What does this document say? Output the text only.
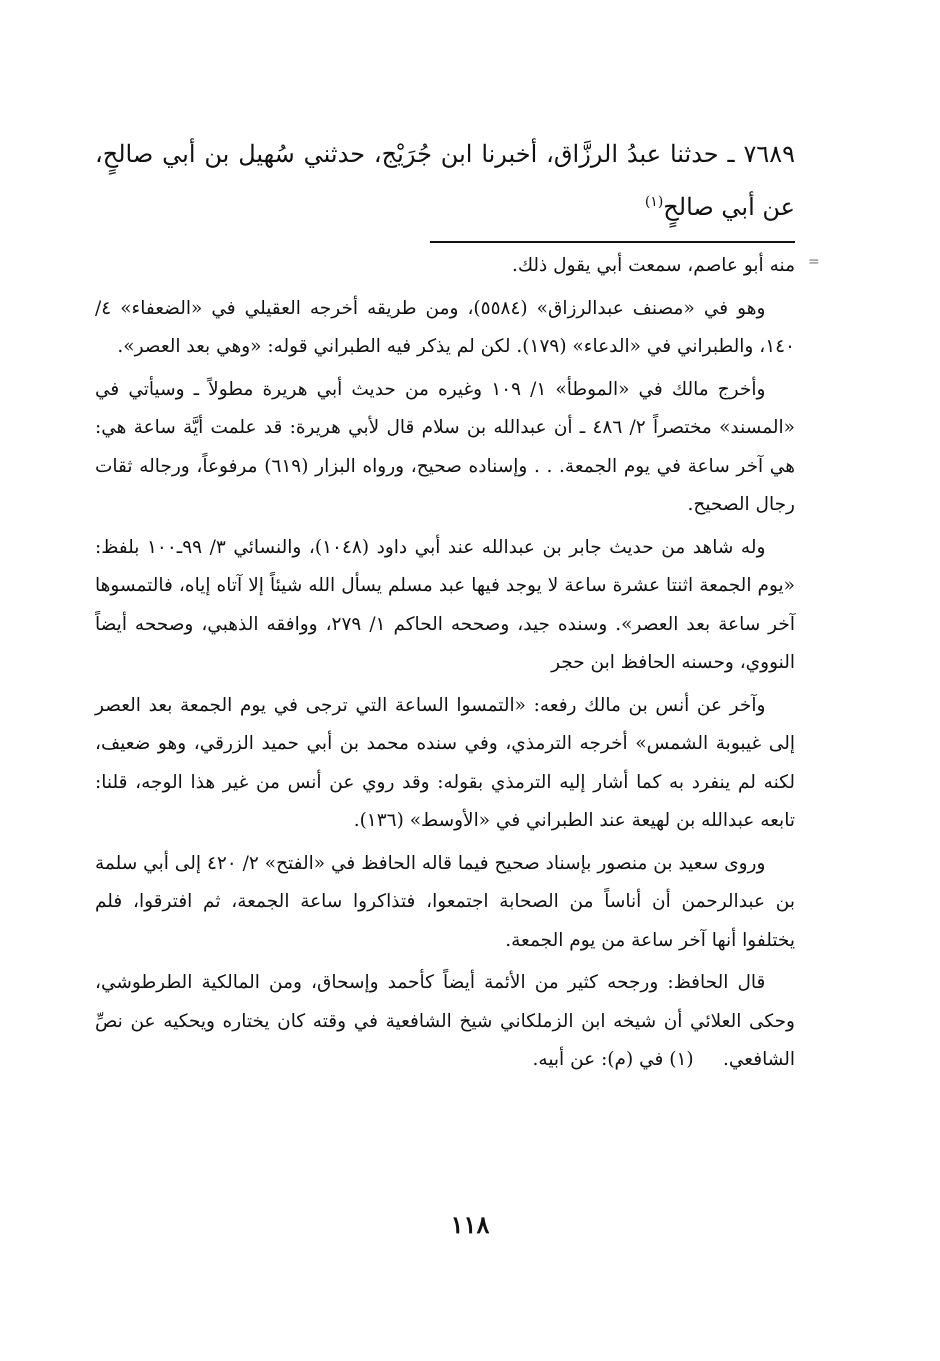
٧٦٨٩ ـ حدثنا عبدُ الرزَّاق، أخبرنا ابن جُرَيْج، حدثني سُهيل بن أبي صالحٍ، عن أبي صالحٍ$^{(١)}$

منه أبو عاصم، سمعت أبي يقول ذلك.

وهو في «مصنف عبدالرزاق» (٥٥٨٤)، ومن طريقه أخرجه العقيلي في «الضعفاء» ٤/ ١٤٠، والطبراني في «الدعاء» (١٧٩). لكن لم يذكر فيه الطبراني قوله: «وهي بعد العصر».

وأخرج مالك في «الموطأ» ١/ ١٠٩ وغيره من حديث أبي هريرة مطولاً ـ وسيأتي في «المسند» مختصراً ٢/ ٤٨٦ ـ أن عبدالله بن سلام قال لأبي هريرة: قد علمت أيَّة ساعة هي: هي آخر ساعة في يوم الجمعة. . . وإسناده صحيح، ورواه البزار (٦١٩) مرفوعاً، ورجاله ثقات رجال الصحيح.

وله شاهد من حديث جابر بن عبدالله عند أبي داود (١٠٤٨)، والنسائي ٣/ ٩٩ـ١٠٠ بلفظ: «يوم الجمعة اثنتا عشرة ساعة لا يوجد فيها عبد مسلم يسأل الله شيئاً إلا آتاه إياه، فالتمسوها آخر ساعة بعد العصر». وسنده جيد، وصححه الحاكم ١/ ٢٧٩، ووافقه الذهبي، وصححه أيضاً النووي، وحسنه الحافظ ابن حجر

وآخر عن أنس بن مالك رفعه: «التمسوا الساعة التي ترجى في يوم الجمعة بعد العصر إلى غيبوبة الشمس» أخرجه الترمذي، وفي سنده محمد بن أبي حميد الزرقي، وهو ضعيف، لكنه لم ينفرد به كما أشار إليه الترمذي بقوله: وقد روي عن أنس من غير هذا الوجه، قلنا: تابعه عبدالله بن لهيعة عند الطبراني في «الأوسط» (١٣٦).

وروى سعيد بن منصور بإسناد صحيح فيما قاله الحافظ في «الفتح» ٢/ ٤٢٠ إلى أبي سلمة بن عبدالرحمن أن أناساً من الصحابة اجتمعوا، فتذاكروا ساعة الجمعة، ثم افترقوا، فلم يختلفوا أنها آخر ساعة من يوم الجمعة.

قال الحافظ: ورجحه كثير من الأئمة أيضاً كأحمد وإسحاق، ومن المالكية الطرطوشي، وحكى العلائي أن شيخه ابن الزملكاني شيخ الشافعية في وقته كان يختاره ويحكيه عن نصِّ الشافعي.     (١) في (م): عن أبيه.

=
١١٨
